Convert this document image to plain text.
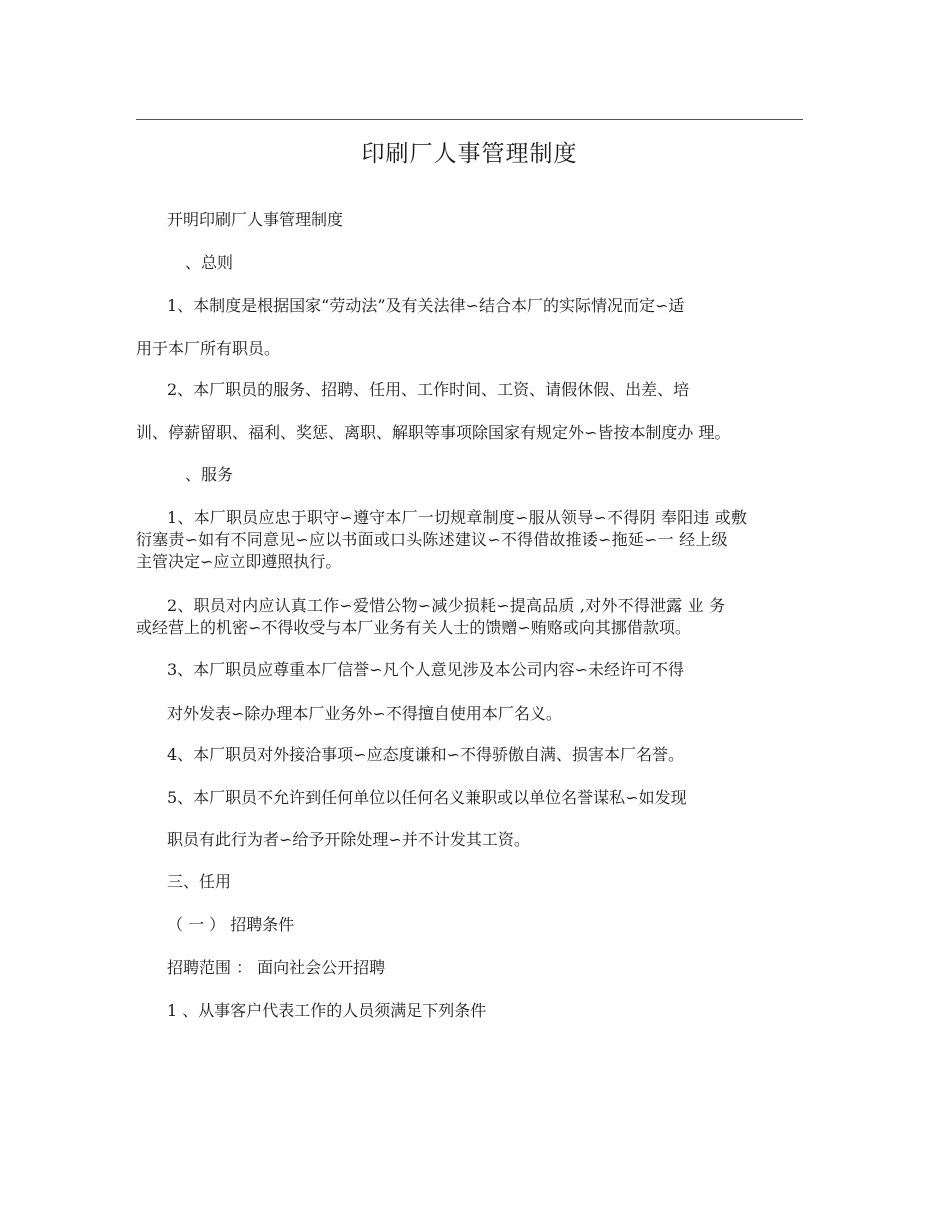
印刷厂人事管理制度
开明印刷厂人事管理制度
、总则
1、本制度是根据国家“劳动法”及有关法律∽结合本厂的实际情况而定∽适
用于本厂所有职员。
2、本厂职员的服务、招聘、任用、工作时间、工资、请假休假、出差、培
训、停薪留职、福利、奖惩、离职、解职等事项除国家有规定外∽皆按本制度办 理。
、服务
1、本厂职员应忠于职守∽遵守本厂一切规章制度∽服从领导∽不得阴 奉阳违 或敷
衍塞责∽如有不同意见∽应以书面或口头陈述建议∽不得借故推诿∽拖延∽一 经上级
主管决定∽应立即遵照执行。
2、职员对内应认真工作∽爱惜公物∽减少损耗∽提高品质 ,对外不得泄露 业 务
或经营上的机密∽不得收受与本厂业务有关人士的馈赠∽贿赂或向其挪借款项。
3、本厂职员应尊重本厂信誉∽凡个人意见涉及本公司内容∽未经许可不得
对外发表∽除办理本厂业务外∽不得擅自使用本厂名义。
4、本厂职员对外接洽事项∽应态度谦和∽不得骄傲自满、损害本厂名誉。
5、本厂职员不允许到任何单位以任何名义兼职或以单位名誉谋私∽如发现
职员有此行为者∽给予开除处理∽并不计发其工资。
三、任用
（ 一 ） 招聘条件
招聘范围 ： 面向社会公开招聘
1 、从事客户代表工作的人员须满足下列条件
